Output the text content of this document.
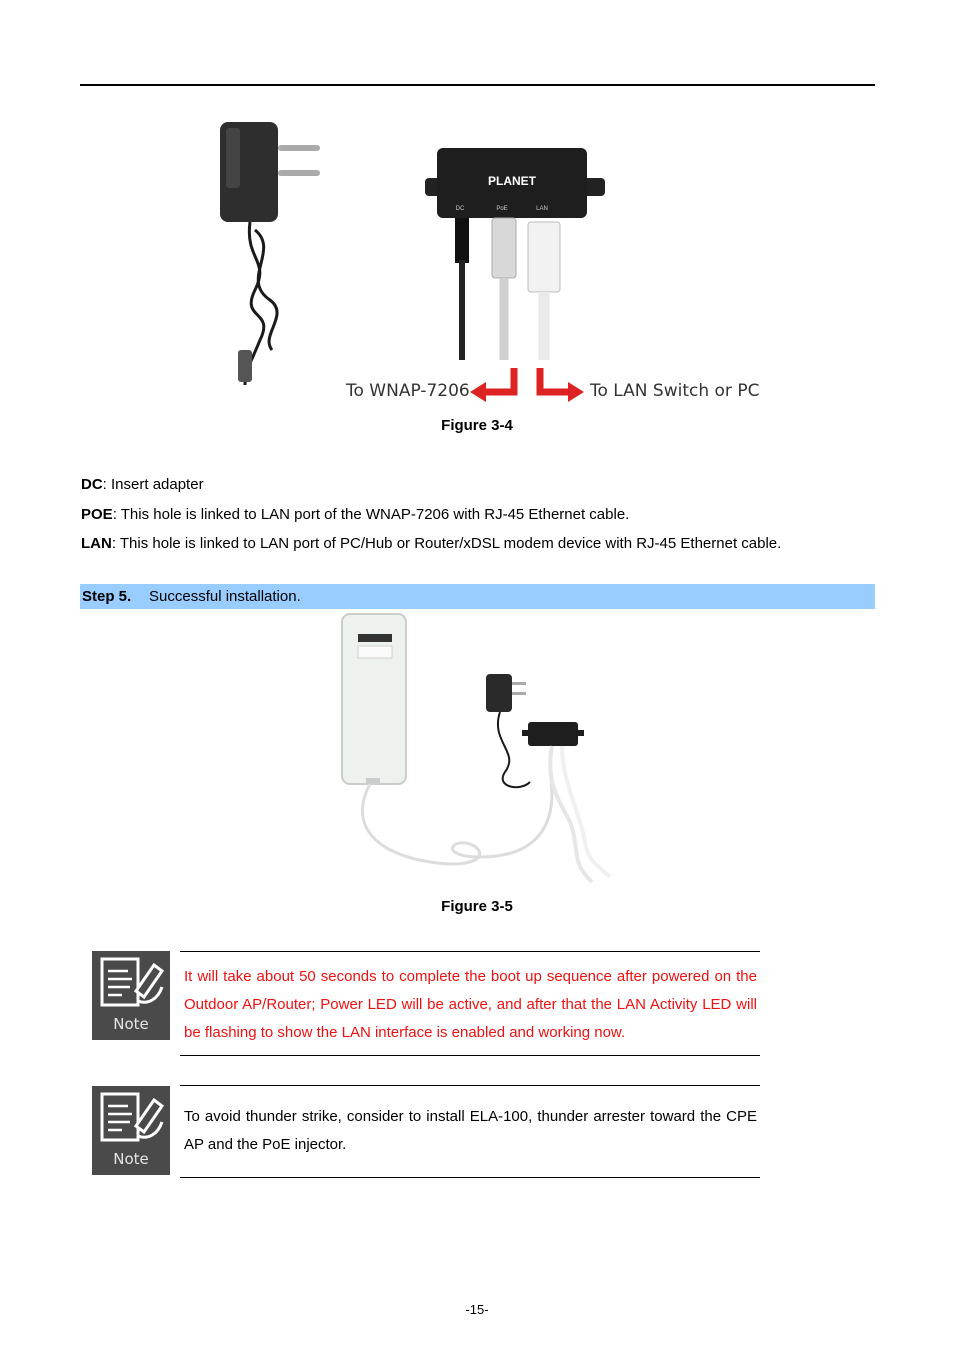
PLANET
DC	PoE	LAN
To WNAP-7206	To LAN Switch or PC
Figure 3-4
DC: Insert adapter
POE: This hole is linked to LAN port of the WNAP-7206 with RJ-45 Ethernet cable.
LAN: This hole is linked to LAN port of PC/Hub or Router/xDSL modem device with RJ-45 Ethernet cable.
Step 5. Successful installation.
Figure 3-5
Note
It will take about 50 seconds to complete the boot up sequence after powered on the Outdoor AP/Router; Power LED will be active, and after that the LAN Activity LED will be flashing to show the LAN interface is enabled and working now.
Note
To avoid thunder strike, consider to install ELA-100, thunder arrester toward the CPE AP and the PoE injector.
-15-
